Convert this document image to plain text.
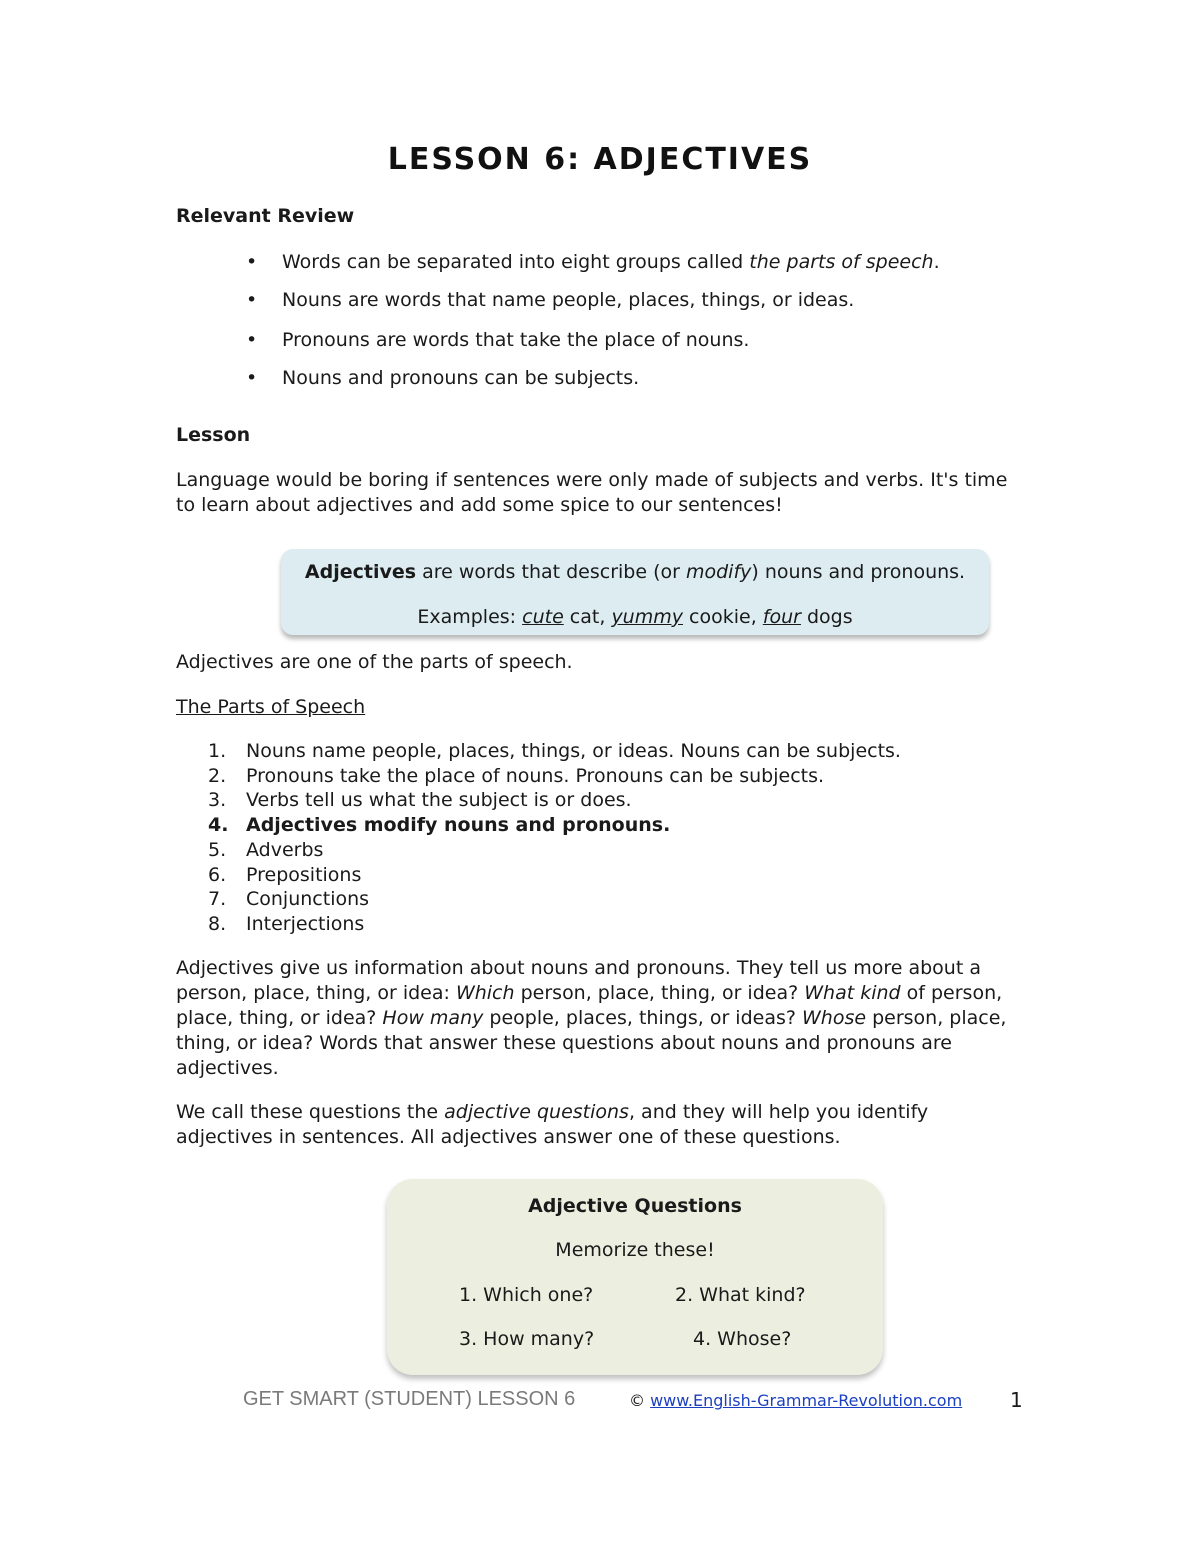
LESSON 6: ADJECTIVES
Relevant Review
• Words can be separated into eight groups called the parts of speech.
• Nouns are words that name people, places, things, or ideas.
• Pronouns are words that take the place of nouns.
• Nouns and pronouns can be subjects.
Lesson
Language would be boring if sentences were only made of subjects and verbs. It's time
to learn about adjectives and add some spice to our sentences!
Adjectives are words that describe (or modify) nouns and pronouns.
Examples: cute cat, yummy cookie, four dogs
Adjectives are one of the parts of speech.
The Parts of Speech
1. Nouns name people, places, things, or ideas. Nouns can be subjects.
2. Pronouns take the place of nouns. Pronouns can be subjects.
3. Verbs tell us what the subject is or does.
4. Adjectives modify nouns and pronouns.
5. Adverbs
6. Prepositions
7. Conjunctions
8. Interjections
Adjectives give us information about nouns and pronouns. They tell us more about a
person, place, thing, or idea: Which person, place, thing, or idea? What kind of person,
place, thing, or idea? How many people, places, things, or ideas? Whose person, place,
thing, or idea? Words that answer these questions about nouns and pronouns are
adjectives.
We call these questions the adjective questions, and they will help you identify
adjectives in sentences. All adjectives answer one of these questions.
Adjective Questions
Memorize these!
1. Which one?	2. What kind?
3. How many?	4. Whose?
GET SMART (STUDENT) LESSON 6	© www.English-Grammar-Revolution.com 1
